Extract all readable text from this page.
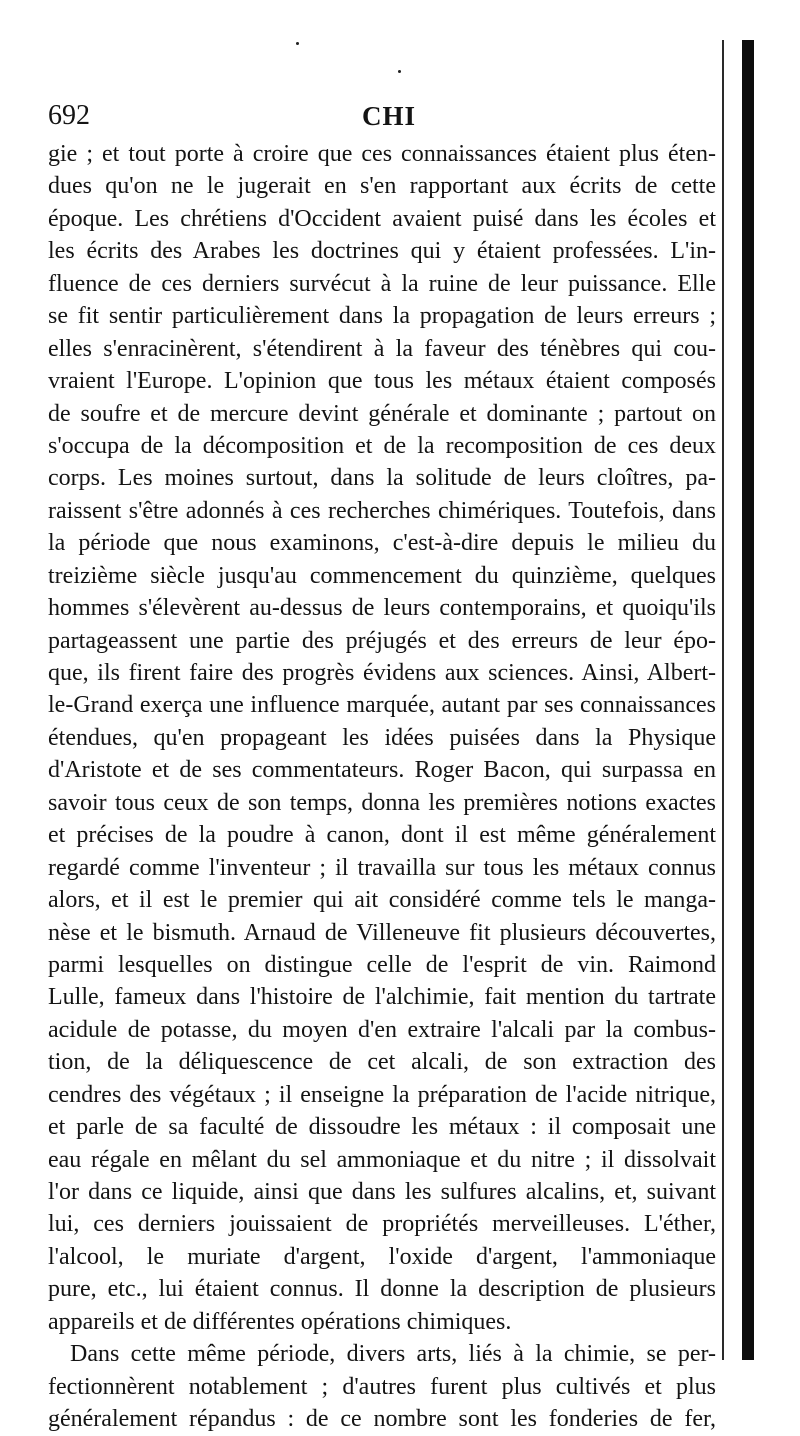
692	CHI
gie ; et tout porte à croire que ces connaissances étaient plus éten-
dues qu'on ne le jugerait en s'en rapportant aux écrits de cette
époque. Les chrétiens d'Occident avaient puisé dans les écoles et
les écrits des Arabes les doctrines qui y étaient professées. L'in-
fluence de ces derniers survécut à la ruine de leur puissance. Elle
se fit sentir particulièrement dans la propagation de leurs erreurs ;
elles s'enracinèrent, s'étendirent à la faveur des ténèbres qui cou-
vraient l'Europe. L'opinion que tous les métaux étaient composés
de soufre et de mercure devint générale et dominante ; partout on
s'occupa de la décomposition et de la recomposition de ces deux
corps. Les moines surtout, dans la solitude de leurs cloîtres, pa-
raissent s'être adonnés à ces recherches chimériques. Toutefois, dans
la période que nous examinons, c'est-à-dire depuis le milieu du
treizième siècle jusqu'au commencement du quinzième, quelques
hommes s'élevèrent au-dessus de leurs contemporains, et quoiqu'ils
partageassent une partie des préjugés et des erreurs de leur épo-
que, ils firent faire des progrès évidens aux sciences. Ainsi, Albert-
le-Grand exerça une influence marquée, autant par ses connaissances
étendues, qu'en propageant les idées puisées dans la Physique
d'Aristote et de ses commentateurs. Roger Bacon, qui surpassa en
savoir tous ceux de son temps, donna les premières notions exactes
et précises de la poudre à canon, dont il est même généralement
regardé comme l'inventeur ; il travailla sur tous les métaux connus
alors, et il est le premier qui ait considéré comme tels le manga-
nèse et le bismuth. Arnaud de Villeneuve fit plusieurs découvertes,
parmi lesquelles on distingue celle de l'esprit de vin. Raimond
Lulle, fameux dans l'histoire de l'alchimie, fait mention du tartrate
acidule de potasse, du moyen d'en extraire l'alcali par la combus-
tion, de la déliquescence de cet alcali, de son extraction des
cendres des végétaux ; il enseigne la préparation de l'acide nitrique,
et parle de sa faculté de dissoudre les métaux : il composait une
eau régale en mêlant du sel ammoniaque et du nitre ; il dissolvait
l'or dans ce liquide, ainsi que dans les sulfures alcalins, et, suivant
lui, ces derniers jouissaient de propriétés merveilleuses. L'éther,
l'alcool, le muriate d'argent, l'oxide d'argent, l'ammoniaque
pure, etc., lui étaient connus. Il donne la description de plusieurs
appareils et de différentes opérations chimiques.
Dans cette même période, divers arts, liés à la chimie, se per-
fectionnèrent notablement ; d'autres furent plus cultivés et plus
généralement répandus : de ce nombre sont les fonderies de fer,
